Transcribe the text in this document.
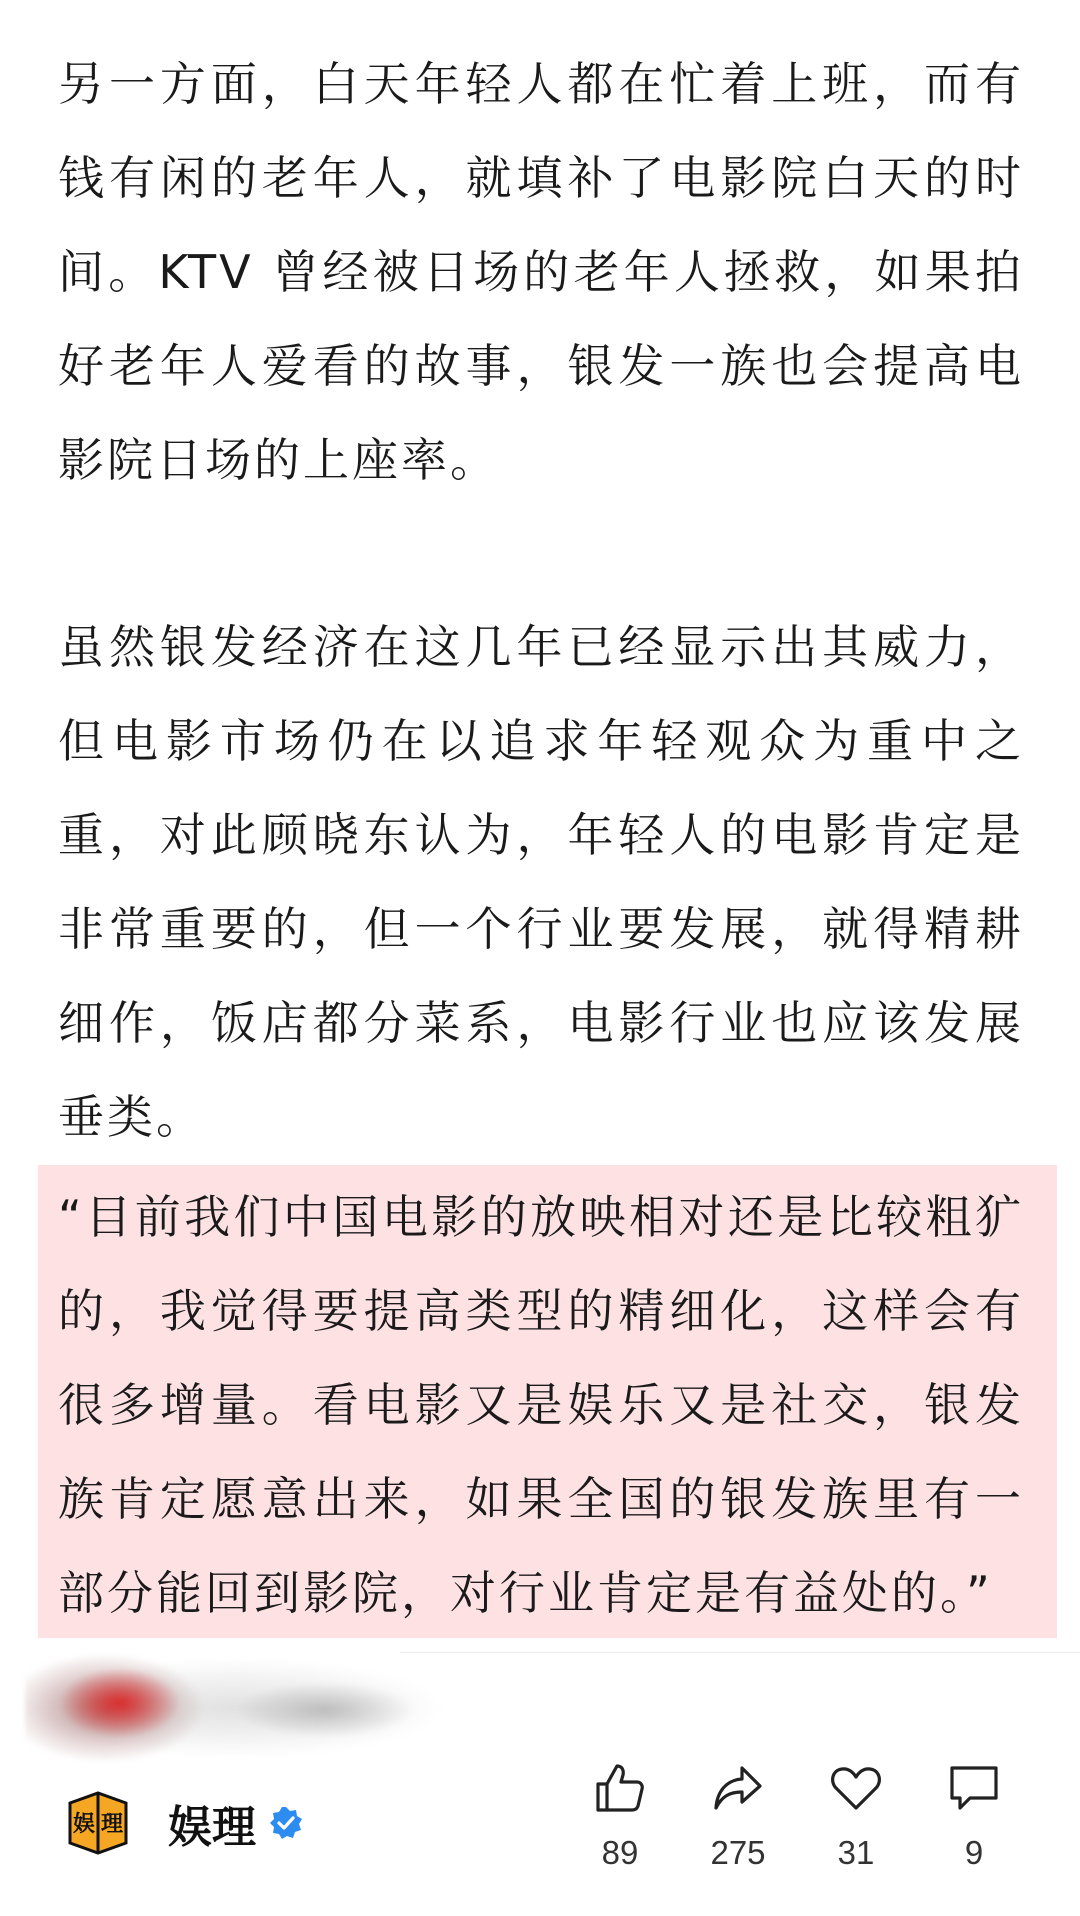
另一方面，白天年轻人都在忙着上班，而有钱有闲的老年人，就填补了电影院白天的时间。KTV 曾经被日场的老年人拯救，如果拍好老年人爱看的故事，银发一族也会提高电影院日场的上座率。

虽然银发经济在这几年已经显示出其威力，但电影市场仍在以追求年轻观众为重中之重，对此顾晓东认为，年轻人的电影肯定是非常重要的，但一个行业要发展，就得精耕细作，饭店都分菜系，电影行业也应该发展垂类。

“目前我们中国电影的放映相对还是比较粗犷的，我觉得要提高类型的精细化，这样会有很多增量。看电影又是娱乐又是社交，银发族肯定愿意出来，如果全国的银发族里有一部分能回到影院，对行业肯定是有益处的。”

娱 理 娱理	89	275	31	9
